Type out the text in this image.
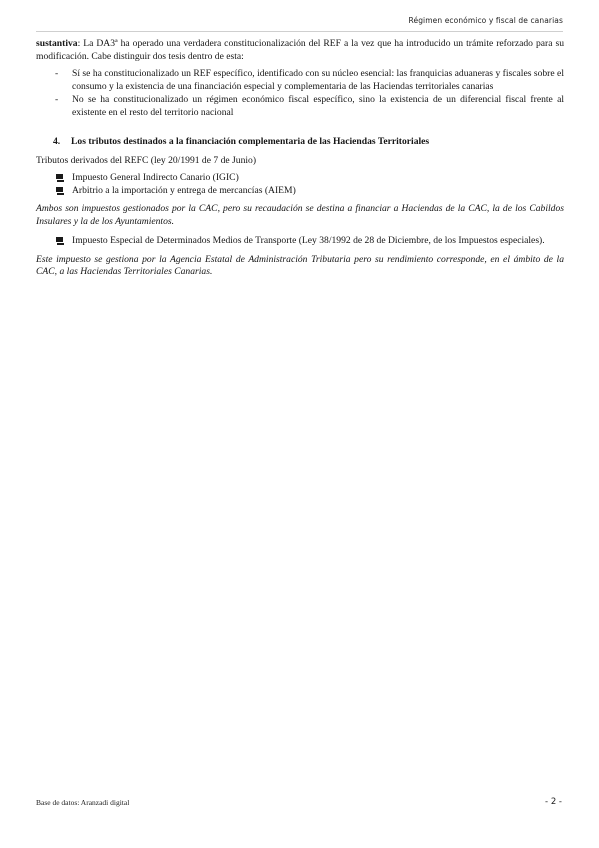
Régimen económico y fiscal de canarias

sustantiva: La DA3ª ha operado una verdadera constitucionalización del REF a la vez que ha introducido un trámite reforzado para su modificación. Cabe distinguir dos tesis dentro de esta:

- Sí se ha constitucionalizado un REF específico, identificado con su núcleo esencial: las franquicias aduaneras y fiscales sobre el consumo y la existencia de una financiación especial y complementaria de las Haciendas territoriales canarias
- No se ha constitucionalizado un régimen económico fiscal específico, sino la existencia de un diferencial fiscal frente al existente en el resto del territorio nacional
4.	Los tributos destinados a la financiación complementaria de las Haciendas Territoriales

Tributos derivados del REFC (ley 20/1991 de 7 de Junio)

Impuesto General Indirecto Canario (IGIC)
Arbitrio a la importación y entrega de mercancías (AIEM)

Ambos son impuestos gestionados por la CAC, pero su recaudación se destina a financiar a Haciendas de la CAC, la de los Cabildos Insulares y la de los Ayuntamientos.

Impuesto Especial de Determinados Medios de Transporte (Ley 38/1992 de 28 de Diciembre, de los Impuestos especiales).

Este impuesto se gestiona por la Agencia Estatal de Administración Tributaria pero su rendimiento corresponde, en el ámbito de la CAC, a las Haciendas Territoriales Canarias.

Base de datos: Aranzadi digital	- 2 -
